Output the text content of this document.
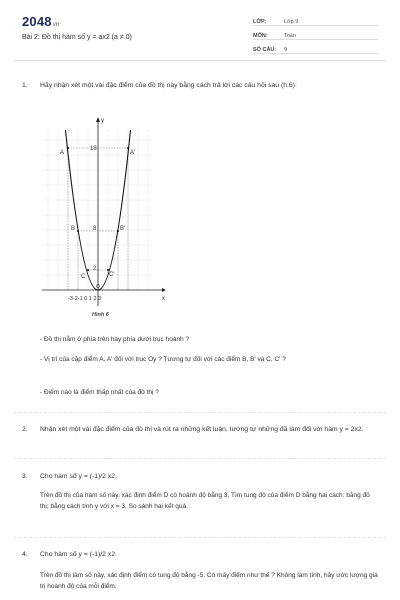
2048vn
Bài 2: Đồ thị hàm số y = ax2 (a ≠ 0)
LỚP:	Lớp 9
MÔN:	Toán
SỐ CÂU:	9
1. Hãy nhận xét một vài đặc điểm của đồ thị này bằng cách trả lời các câu hỏi sau (h.6):
y
x
18
8
2
A	A'
B	B'
C	C'
O
-3-2-1 0 1 2 3
Hình 6
- Đồ thị nằm ở phía trên hay phía dưới trục hoành ?
- Vị trí của cặp điểm A, A' đối với trục Oy ? Tương tự đối với các điểm B, B' và C, C' ?
- Điểm nào là điểm thấp nhất của đồ thị ?
2. Nhận xét một vài đặc điểm của đồ thị và rút ra những kết luận, tương tự những đã làm đối với hàm y = 2x2.
3. Cho hàm số y = (-1)/2 x2.
Trên đồ thị của hàm số này, xác định điểm D có hoành độ bằng 3. Tìm tung độ của điểm D bằng hai cách: bằng đồ thị; bằng cách tính y với x = 3. So sánh hai kết quả.
4. Cho hàm số y = (-1)/2 x2.
Trên đồ thị làm số này, xác định điểm có tung độ bằng -5. Có mấy điểm như thế ? Không làm tính, hãy ước lượng giá trị hoành độ của mỗi điểm.
